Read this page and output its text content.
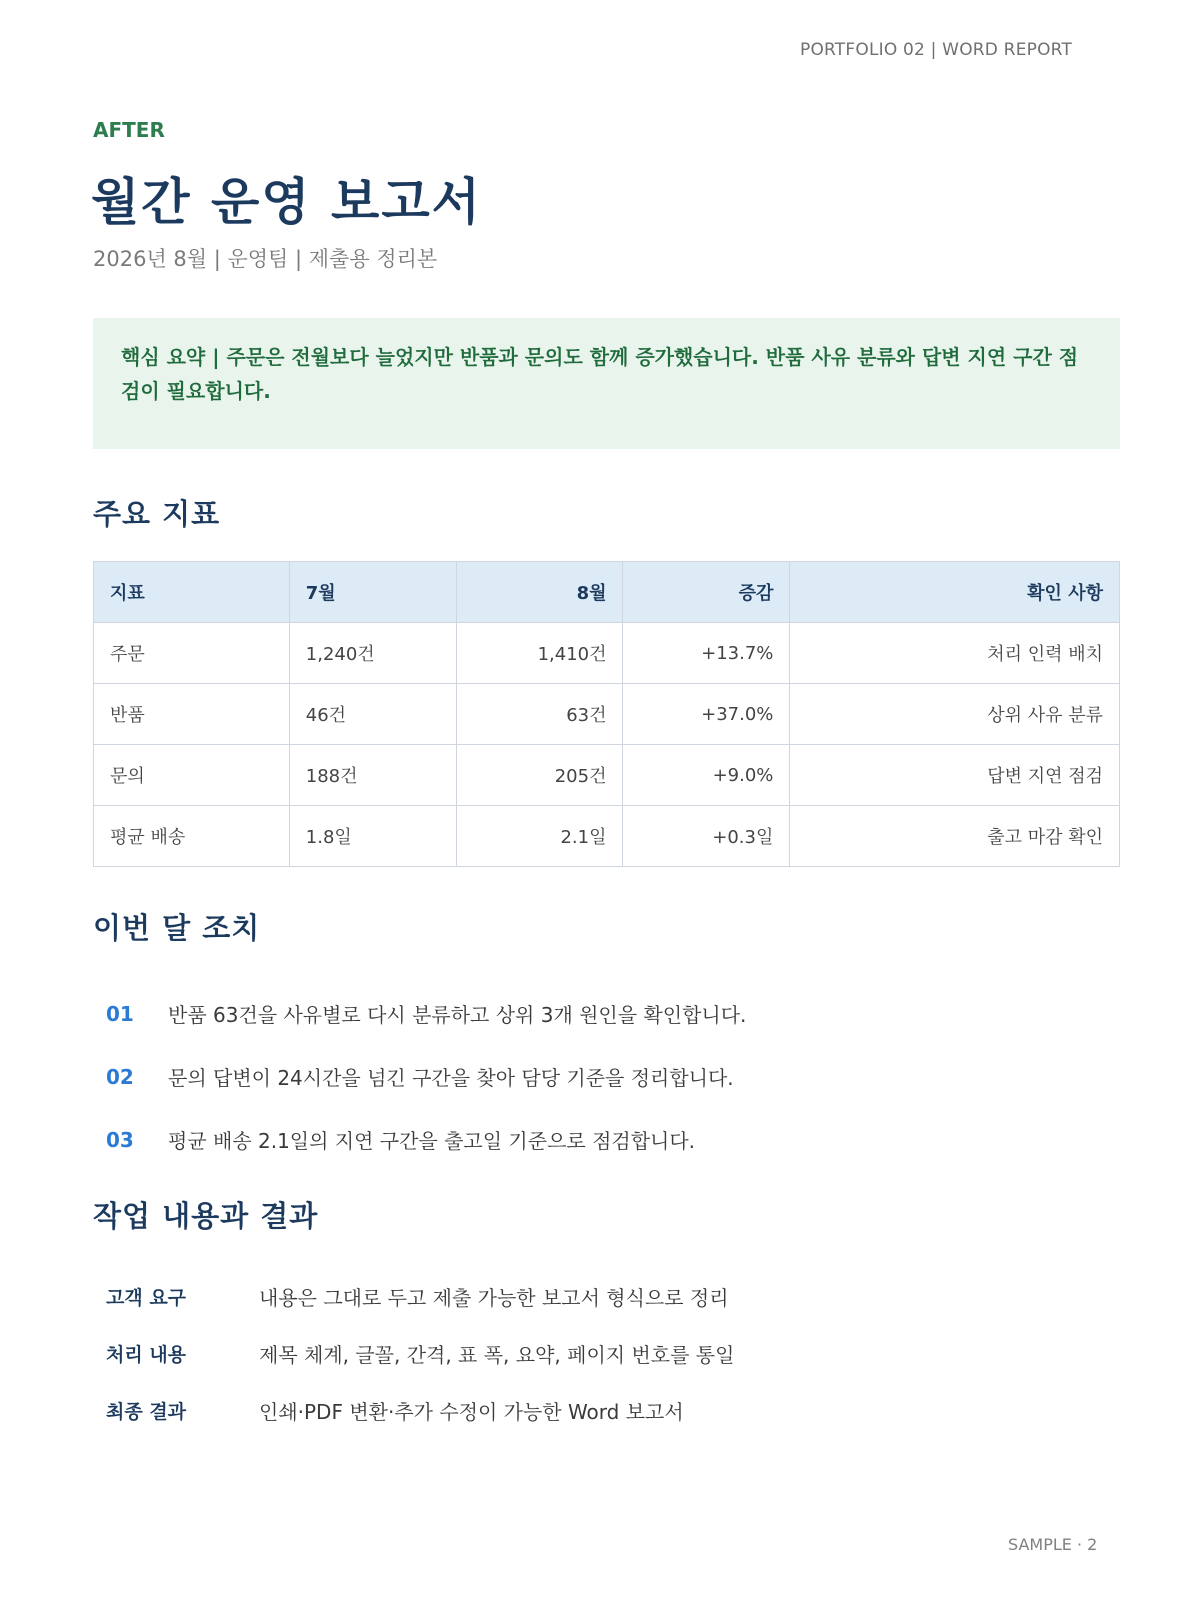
PORTFOLIO 02 | WORD REPORT
AFTER
월간 운영 보고서
2026년 8월 | 운영팀 | 제출용 정리본

핵심 요약 | 주문은 전월보다 늘었지만 반품과 문의도 함께 증가했습니다. 반품 사유 분류와 답변 지연 구간 점검이 필요합니다.

주요 지표
지표	7월	8월	증감	확인 사항
주문	1,240건	1,410건	+13.7%	처리 인력 배치
반품	46건	63건	+37.0%	상위 사유 분류
문의	188건	205건	+9.0%	답변 지연 점검
평균 배송	1.8일	2.1일	+0.3일	출고 마감 확인
이번 달 조치
01	반품 63건을 사유별로 다시 분류하고 상위 3개 원인을 확인합니다.
02	문의 답변이 24시간을 넘긴 구간을 찾아 담당 기준을 정리합니다.
03	평균 배송 2.1일의 지연 구간을 출고일 기준으로 점검합니다.
작업 내용과 결과
고객 요구	내용은 그대로 두고 제출 가능한 보고서 형식으로 정리
처리 내용	제목 체계, 글꼴, 간격, 표 폭, 요약, 페이지 번호를 통일
최종 결과	인쇄·PDF 변환·추가 수정이 가능한 Word 보고서
SAMPLE · 2
